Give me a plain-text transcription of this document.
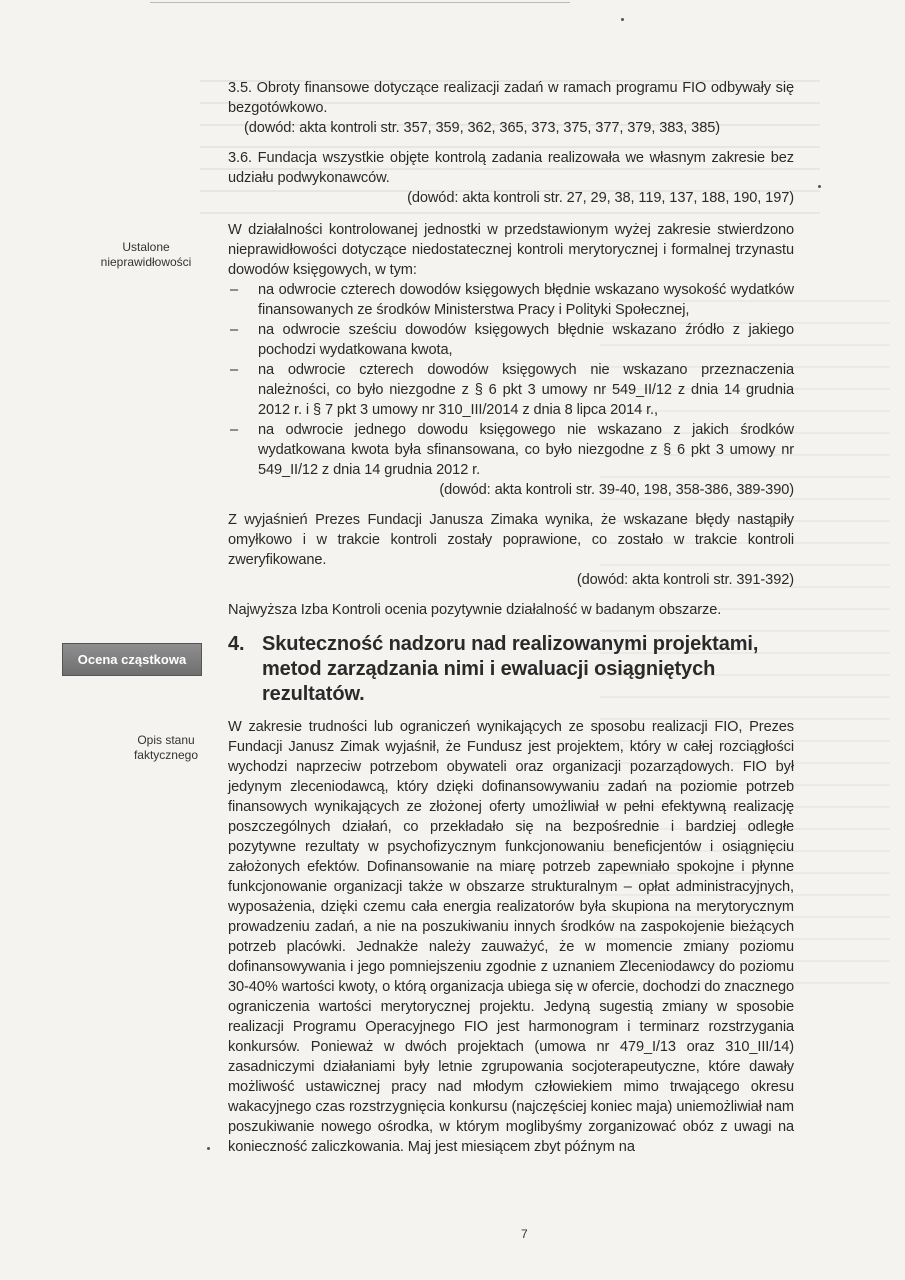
Ustalone nieprawidłowości
Ocena cząstkowa
Opis stanu faktycznego

3.5. Obroty finansowe dotyczące realizacji zadań w ramach programu FIO odbywały się bezgotówkowo.

(dowód: akta kontroli str. 357, 359, 362, 365, 373, 375, 377, 379, 383, 385)

3.6. Fundacja wszystkie objęte kontrolą zadania realizowała we własnym zakresie bez udziału podwykonawców.

(dowód: akta kontroli str. 27, 29, 38, 119, 137, 188, 190, 197)

W działalności kontrolowanej jednostki w przedstawionym wyżej zakresie stwierdzono nieprawidłowości dotyczące niedostatecznej kontroli merytorycznej i formalnej trzynastu dowodów księgowych, w tym:

– na odwrocie czterech dowodów księgowych błędnie wskazano wysokość wydatków finansowanych ze środków Ministerstwa Pracy i Polityki Społecznej,
– na odwrocie sześciu dowodów księgowych błędnie wskazano źródło z jakiego pochodzi wydatkowana kwota,
– na odwrocie czterech dowodów księgowych nie wskazano przeznaczenia należności, co było niezgodne z § 6 pkt 3 umowy nr 549_II/12 z dnia 14 grudnia 2012 r. i § 7 pkt 3 umowy nr 310_III/2014 z dnia 8 lipca 2014 r.,
– na odwrocie jednego dowodu księgowego nie wskazano z jakich środków wydatkowana kwota była sfinansowana, co było niezgodne z § 6 pkt 3 umowy nr 549_II/12 z dnia 14 grudnia 2012 r.

(dowód: akta kontroli str. 39-40, 198, 358-386, 389-390)

Z wyjaśnień Prezes Fundacji Janusza Zimaka wynika, że wskazane błędy nastąpiły omyłkowo i w trakcie kontroli zostały poprawione, co zostało w trakcie kontroli zweryfikowane.

(dowód: akta kontroli str. 391-392)

Najwyższa Izba Kontroli ocenia pozytywnie działalność w badanym obszarze.

4. Skuteczność nadzoru nad realizowanymi projektami, metod zarządzania nimi i ewaluacji osiągniętych rezultatów.

W zakresie trudności lub ograniczeń wynikających ze sposobu realizacji FIO, Prezes Fundacji Janusz Zimak wyjaśnił, że Fundusz jest projektem, który w całej rozciągłości wychodzi naprzeciw potrzebom obywateli oraz organizacji pozarządowych. FIO był jedynym zleceniodawcą, który dzięki dofinansowywaniu zadań na poziomie potrzeb finansowych wynikających ze złożonej oferty umożliwiał w pełni efektywną realizację poszczególnych działań, co przekładało się na bezpośrednie i bardziej odległe pozytywne rezultaty w psychofizycznym funkcjonowaniu beneficjentów i osiągnięciu założonych efektów. Dofinansowanie na miarę potrzeb zapewniało spokojne i płynne funkcjonowanie organizacji także w obszarze strukturalnym – opłat administracyjnych, wyposażenia, dzięki czemu cała energia realizatorów była skupiona na merytorycznym prowadzeniu zadań, a nie na poszukiwaniu innych środków na zaspokojenie bieżących potrzeb placówki. Jednakże należy zauważyć, że w momencie zmiany poziomu dofinansowywania i jego pomniejszeniu zgodnie z uznaniem Zleceniodawcy do poziomu 30-40% wartości kwoty, o którą organizacja ubiega się w ofercie, dochodzi do znacznego ograniczenia wartości merytorycznej projektu. Jedyną sugestią zmiany w sposobie realizacji Programu Operacyjnego FIO jest harmonogram i terminarz rozstrzygania konkursów. Ponieważ w dwóch projektach (umowa nr 479_I/13 oraz 310_III/14) zasadniczymi działaniami były letnie zgrupowania socjoterapeutyczne, które dawały możliwość ustawicznej pracy nad młodym człowiekiem mimo trwającego okresu wakacyjnego czas rozstrzygnięcia konkursu (najczęściej koniec maja) uniemożliwiał nam poszukiwanie nowego ośrodka, w którym moglibyśmy zorganizować obóz z uwagi na konieczność zaliczkowania. Maj jest miesiącem zbyt późnym na

7
